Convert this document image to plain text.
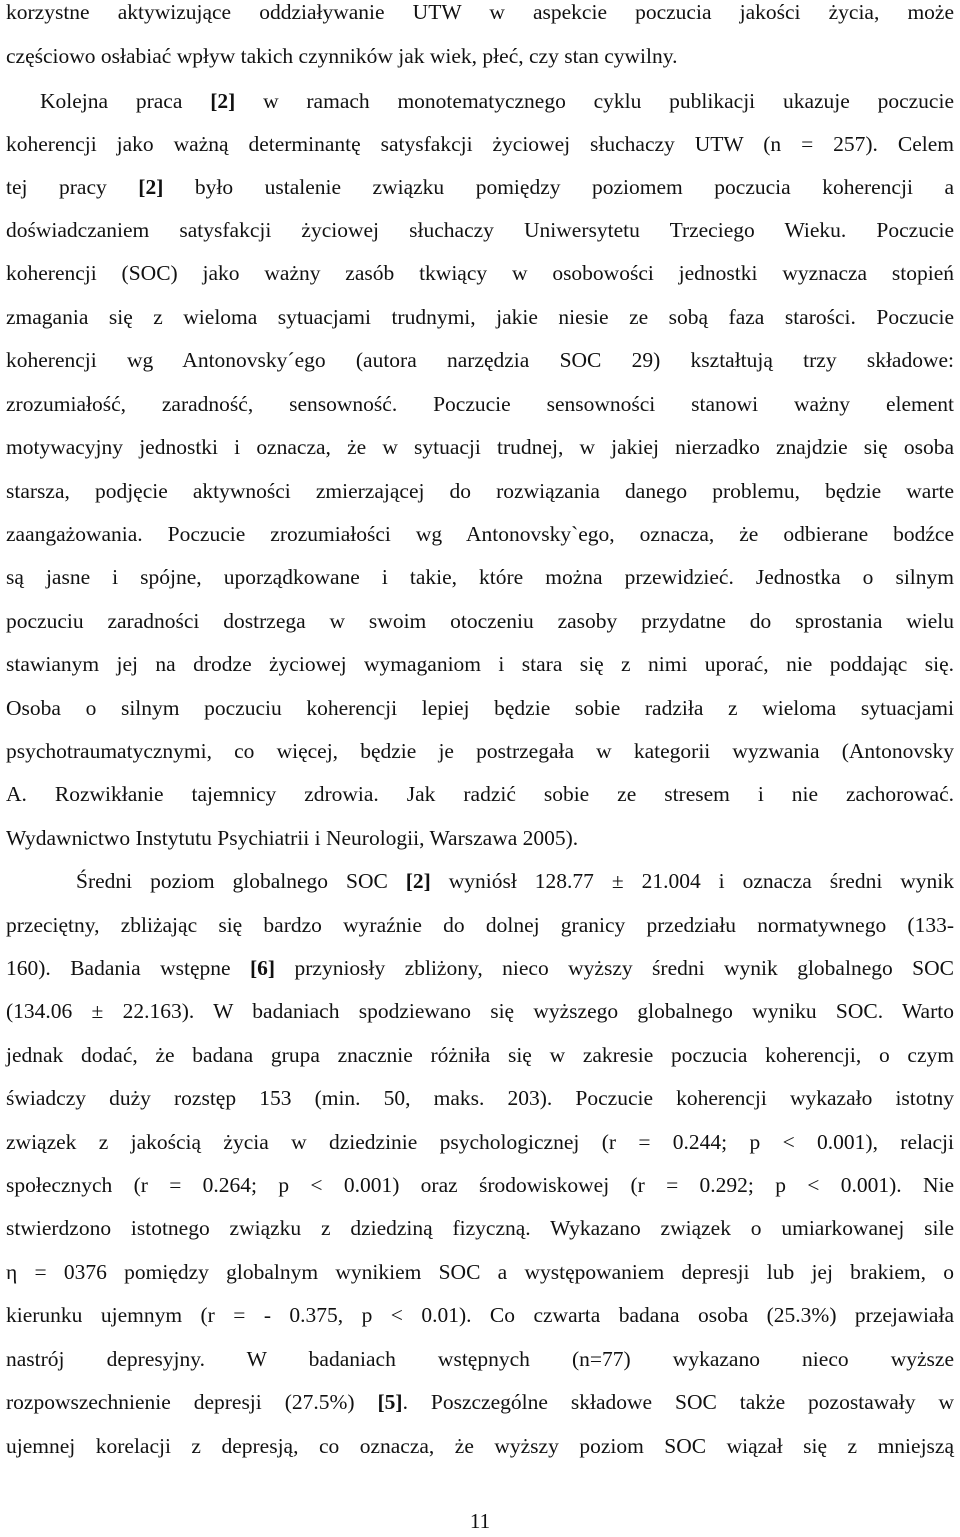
korzystne aktywizujące oddziaływanie UTW w aspekcie poczucia jakości życia, może
częściowo osłabiać wpływ takich czynników jak wiek, płeć, czy stan cywilny.
Kolejna praca [2] w ramach monotematycznego cyklu publikacji ukazuje poczucie
koherencji jako ważną determinantę satysfakcji życiowej słuchaczy UTW (n = 257). Celem
tej pracy [2] było ustalenie związku pomiędzy poziomem poczucia koherencji a
doświadczaniem satysfakcji życiowej słuchaczy Uniwersytetu Trzeciego Wieku. Poczucie
koherencji (SOC) jako ważny zasób tkwiący w osobowości jednostki wyznacza stopień
zmagania się z wieloma sytuacjami trudnymi, jakie niesie ze sobą faza starości. Poczucie
koherencji wg Antonovsky´ego (autora narzędzia SOC 29) kształtują trzy składowe:
zrozumiałość, zaradność, sensowność. Poczucie sensowności stanowi ważny element
motywacyjny jednostki i oznacza, że w sytuacji trudnej, w jakiej nierzadko znajdzie się osoba
starsza, podjęcie aktywności zmierzającej do rozwiązania danego problemu, będzie warte
zaangażowania. Poczucie zrozumiałości wg Antonovsky`ego, oznacza, że odbierane bodźce
są jasne i spójne, uporządkowane i takie, które można przewidzieć. Jednostka o silnym
poczuciu zaradności dostrzega w swoim otoczeniu zasoby przydatne do sprostania wielu
stawianym jej na drodze życiowej wymaganiom i stara się z nimi uporać, nie poddając się.
Osoba o silnym poczuciu koherencji lepiej będzie sobie radziła z wieloma sytuacjami
psychotraumatycznymi, co więcej, będzie je postrzegała w kategorii wyzwania (Antonovsky
A. Rozwikłanie tajemnicy zdrowia. Jak radzić sobie ze stresem i nie zachorować.
Wydawnictwo Instytutu Psychiatrii i Neurologii, Warszawa 2005).
Średni poziom globalnego SOC [2] wyniósł 128.77 ± 21.004 i oznacza średni wynik
przeciętny, zbliżając się bardzo wyraźnie do dolnej granicy przedziału normatywnego (133-
160). Badania wstępne [6] przyniosły zbliżony, nieco wyższy średni wynik globalnego SOC
(134.06 ± 22.163). W badaniach spodziewano się wyższego globalnego wyniku SOC. Warto
jednak dodać, że badana grupa znacznie różniła się w zakresie poczucia koherencji, o czym
świadczy duży rozstęp 153 (min. 50, maks. 203). Poczucie koherencji wykazało istotny
związek z jakością życia w dziedzinie psychologicznej (r = 0.244; p < 0.001), relacji
społecznych (r = 0.264; p < 0.001) oraz środowiskowej (r = 0.292; p < 0.001). Nie
stwierdzono istotnego związku z dziedziną fizyczną. Wykazano związek o umiarkowanej sile
η = 0376 pomiędzy globalnym wynikiem SOC a występowaniem depresji lub jej brakiem, o
kierunku ujemnym (r = - 0.375, p < 0.01). Co czwarta badana osoba (25.3%) przejawiała
nastrój depresyjny. W badaniach wstępnych (n=77) wykazano nieco wyższe
rozpowszechnienie depresji (27.5%) [5]. Poszczególne składowe SOC także pozostawały w
ujemnej korelacji z depresją, co oznacza, że wyższy poziom SOC wiązał się z mniejszą
11
